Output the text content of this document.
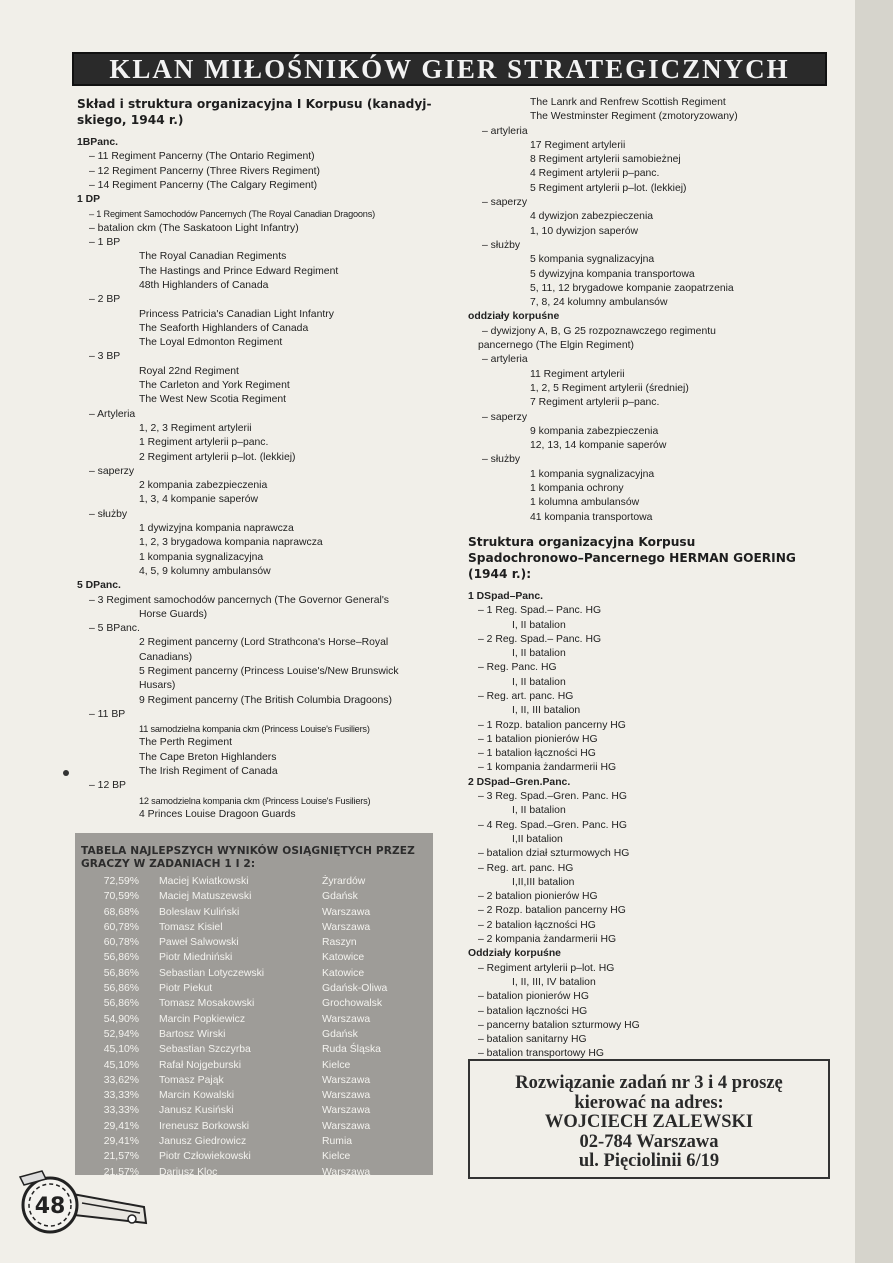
KLAN MIŁOŚNIKÓW GIER STRATEGICZNYCH
Skład i struktura organizacyjna I Korpusu (kanadyj-skiego, 1944 r.)
1BPanc.
– 11 Regiment Pancerny (The Ontario Regiment)
– 12 Regiment Pancerny (Three Rivers Regiment)
– 14 Regiment Pancerny (The Calgary Regiment)
1 DP
– 1 Regiment Samochodów Pancernych (The Royal Canadian Dragoons)
– batalion ckm (The Saskatoon Light Infantry)
– 1 BP
The Royal Canadian Regiments
The Hastings and Prince Edward Regiment
48th Highlanders of Canada
– 2 BP
Princess Patricia's Canadian Light Infantry
The Seaforth Highlanders of Canada
The Loyal Edmonton Regiment
– 3 BP
Royal 22nd Regiment
The Carleton and York Regiment
The West New Scotia Regiment
– Artyleria
1, 2, 3 Regiment artylerii
1 Regiment artylerii p–panc.
2 Regiment artylerii p–lot. (lekkiej)
– saperzy
2 kompania zabezpieczenia
1, 3, 4 kompanie saperów
– służby
1 dywizyjna kompania naprawcza
1, 2, 3 brygadowa kompania naprawcza
1 kompania sygnalizacyjna
4, 5, 9 kolumny ambulansów
5 DPanc.
– 3 Regiment samochodów pancernych (The Governor General's
Horse Guards)
– 5 BPanc.
2 Regiment pancerny (Lord Strathcona's Horse–Royal
Canadians)
5 Regiment pancerny (Princess Louise's/New Brunswick
Husars)
9 Regiment pancerny (The British Columbia Dragoons)
– 11 BP
11 samodzielna kompania ckm (Princess Louise's Fusiliers)
The Perth Regiment
The Cape Breton Highlanders
The Irish Regiment of Canada
– 12 BP
12 samodzielna kompania ckm (Princess Louise's Fusiliers)
4 Princes Louise Dragoon Guards
The Lanrk and Renfrew Scottish Regiment
The Westminster Regiment (zmotoryzowany)
– artyleria
17 Regiment artylerii
8 Regiment artylerii samobieżnej
4 Regiment artylerii p–panc.
5 Regiment artylerii p–lot. (lekkiej)
– saperzy
4 dywizjon zabezpieczenia
1, 10 dywizjon saperów
– służby
5 kompania sygnalizacyjna
5 dywizyjna kompania transportowa
5, 11, 12 brygadowe kompanie zaopatrzenia
7, 8, 24 kolumny ambulansów
oddziały korpuśne
– dywizjony A, B, G 25 rozpoznawczego regimentu
pancernego (The Elgin Regiment)
– artyleria
11 Regiment artylerii
1, 2, 5 Regiment artylerii (średniej)
7 Regiment artylerii p–panc.
– saperzy
9 kompania zabezpieczenia
12, 13, 14 kompanie saperów
– służby
1 kompania sygnalizacyjna
1 kompania ochrony
1 kolumna ambulansów
41 kompania transportowa
Struktura organizacyjna Korpusu Spadochronowo–Pancernego HERMAN GOERING (1944 r.):
1 DSpad–Panc.
– 1 Reg. Spad.– Panc. HG
I, II batalion
– 2 Reg. Spad.– Panc. HG
I, II batalion
– Reg. Panc. HG
I, II batalion
– Reg. art. panc. HG
I, II, III batalion
– 1 Rozp. batalion pancerny HG
– 1 batalion pionierów HG
– 1 batalion łączności HG
– 1 kompania żandarmerii HG
2 DSpad–Gren.Panc.
– 3 Reg. Spad.–Gren. Panc. HG
I, II batalion
– 4 Reg. Spad.–Gren. Panc. HG
I,II batalion
– batalion dział szturmowych HG
– Reg. art. panc. HG
I,II,III batalion
– 2 batalion pionierów HG
– 2 Rozp. batalion pancerny HG
– 2 batalion łączności HG
– 2 kompania żandarmerii HG
Oddziały korpuśne
– Regiment artylerii p–lot. HG
I, II, III, IV batalion
– batalion pionierów HG
– batalion łączności HG
– pancerny batalion szturmowy HG
– batalion sanitarny HG
– batalion transportowy HG
TABELA NAJLEPSZYCH WYNIKÓW OSIĄGNIĘTYCH PRZEZ GRACZY W ZADANIACH 1 I 2:
72,59% Maciej Kwiatkowski	Żyrardów
70,59% Maciej Matuszewski	Gdańsk
68,68% Bolesław Kuliński	Warszawa
60,78% Tomasz Kisiel	Warszawa
60,78% Paweł Salwowski	Raszyn
56,86% Piotr Miedniński	Katowice
56,86% Sebastian Lotyczewski	Katowice
56,86% Piotr Piekut	Gdańsk-Oliwa
56,86% Tomasz Mosakowski	Grochowalsk
54,90% Marcin Popkiewicz	Warszawa
52,94% Bartosz Wirski	Gdańsk
45,10% Sebastian Szczyrba	Ruda Śląska
45,10% Rafał Nojgeburski	Kielce
33,62% Tomasz Pająk	Warszawa
33,33% Marcin Kowalski	Warszawa
33,33% Janusz Kusiński	Warszawa
29,41% Ireneusz Borkowski	Warszawa
29,41% Janusz Giedrowicz	Rumia
21,57% Piotr Człowiekowski	Kielce
21,57% Dariusz Kloc	Warszawa
Rozwiązanie zadań nr 3 i 4 proszę
kierować na adres:
WOJCIECH ZALEWSKI
02-784 Warszawa
ul. Pięciolinii 6/19
48
